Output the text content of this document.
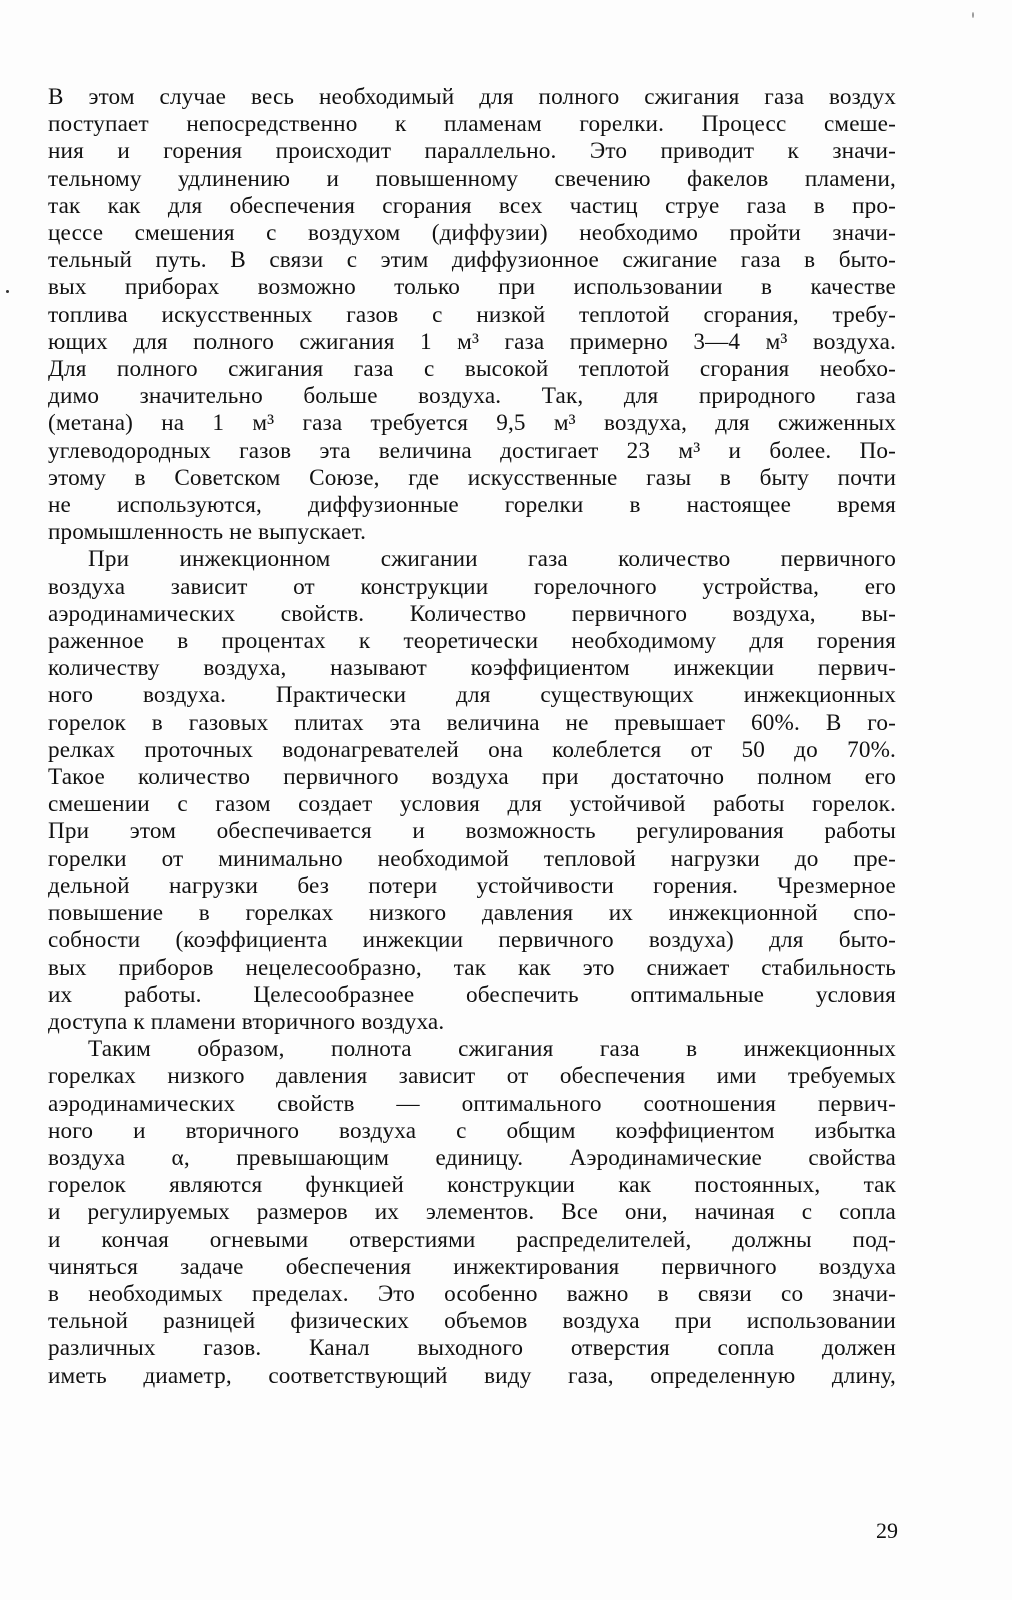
В этом случае весь необходимый для полного сжигания газа воздух
поступает непосредственно к пламенам горелки. Процесс смеше-
ния и горения происходит параллельно. Это приводит к значи-
тельному удлинению и повышенному свечению факелов пламени,
так как для обеспечения сгорания всех частиц струе газа в про-
цессе смешения с воздухом (диффузии) необходимо пройти значи-
тельный путь. В связи с этим диффузионное сжигание газа в быто-
вых приборах возможно только при использовании в качестве
топлива искусственных газов с низкой теплотой сгорания, требу-
ющих для полного сжигания 1 м³ газа примерно 3—4 м³ воздуха.
Для полного сжигания газа с высокой теплотой сгорания необхо-
димо значительно больше воздуха. Так, для природного газа
(метана) на 1 м³ газа требуется 9,5 м³ воздуха, для сжиженных
углеводородных газов эта величина достигает 23 м³ и более. По-
этому в Советском Союзе, где искусственные газы в быту почти
не используются, диффузионные горелки в настоящее время
промышленность не выпускает.
При инжекционном сжигании газа количество первичного
воздуха зависит от конструкции горелочного устройства, его
аэродинамических свойств. Количество первичного воздуха, вы-
раженное в процентах к теоретически необходимому для горения
количеству воздуха, называют коэффициентом инжекции первич-
ного воздуха. Практически для существующих инжекционных
горелок в газовых плитах эта величина не превышает 60%. В го-
релках проточных водонагревателей она колеблется от 50 до 70%.
Такое количество первичного воздуха при достаточно полном его
смешении с газом создает условия для устойчивой работы горелок.
При этом обеспечивается и возможность регулирования работы
горелки от минимально необходимой тепловой нагрузки до пре-
дельной нагрузки без потери устойчивости горения. Чрезмерное
повышение в горелках низкого давления их инжекционной спо-
собности (коэффициента инжекции первичного воздуха) для быто-
вых приборов нецелесообразно, так как это снижает стабильность
их работы. Целесообразнее обеспечить оптимальные условия
доступа к пламени вторичного воздуха.
Таким образом, полнота сжигания газа в инжекционных
горелках низкого давления зависит от обеспечения ими требуемых
аэродинамических свойств — оптимального соотношения первич-
ного и вторичного воздуха с общим коэффициентом избытка
воздуха α, превышающим единицу. Аэродинамические свойства
горелок являются функцией конструкции как постоянных, так
и регулируемых размеров их элементов. Все они, начиная с сопла
и кончая огневыми отверстиями распределителей, должны под-
чиняться задаче обеспечения инжектирования первичного воздуха
в необходимых пределах. Это особенно важно в связи со значи-
тельной разницей физических объемов воздуха при использовании
различных газов. Канал выходного отверстия сопла должен
иметь диаметр, соответствующий виду газа, определенную длину,
29
